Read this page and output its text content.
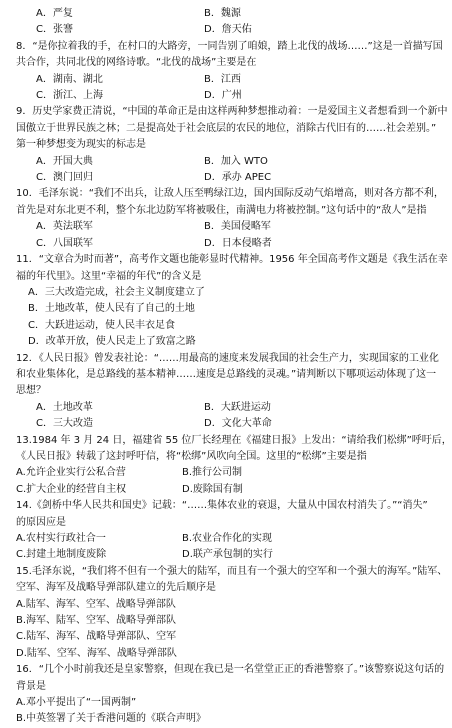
A．严复	B．魏源
C．张謇	D．詹天佑
8．“是你拉着我的手，在村口的大路旁，一同告别了咱娘，踏上北伐的战场……”这是一首描写国
共合作，共同北伐的网络诗歌。“北伐的战场”主要是在
A．湖南、湖北	B．江西
C．浙江、上海	D．广州
9．历史学家费正清说，“中国的革命正是由这样两种梦想推动着：一是爱国主义者想看到一个新中
国傲立于世界民族之林；二是提高处于社会底层的农民的地位，消除古代旧有的……社会差别。”
第一种梦想变为现实的标志是
A．开国大典	B．加入 WTO
C．澳门回归	D．承办 APEC
10．毛泽东说：“我们不出兵，让敌人压至鸭绿江边，国内国际反动气焰增高，则对各方都不利，
首先是对东北更不利，整个东北边防军将被吸住，南满电力将被控制。”这句话中的“敌人”是指
A．英法联军	B．美国侵略军
C．八国联军	D．日本侵略者
11．“文章合为时而著”，高考作文题也能彰显时代精神。1956 年全国高考作文题是《我生活在幸
福的年代里》。这里“幸福的年代”的含义是
A．三大改造完成，社会主义制度建立了
B．土地改革，使人民有了自己的土地
C．大跃进运动，使人民丰衣足食
D．改革开放，使人民走上了致富之路
12．《人民日报》曾发表社论：“……用最高的速度来发展我国的社会生产力，实现国家的工业化
和农业集体化，是总路线的基本精神……速度是总路线的灵魂。”请判断以下哪项运动体现了这一
思想？
A．土地改革	B．大跃进运动
C．三大改造	D．文化大革命
13.1984 年 3 月 24 日，福建省 55 位厂长经理在《福建日报》上发出：“请给我们松绑”呼吁后，
《人民日报》转载了这封呼吁信，将“松绑”风吹向全国。这里的“松绑”主要是指
A.允许企业实行公私合营	B.推行公司制
C.扩大企业的经营自主权	D.废除国有制
14.《剑桥中华人民共和国史》记载：“……集体农业的衰退，大量从中国农村消失了。”“消失”
的原因应是
A.农村实行政社合一	B.农业合作化的实现
C.封建土地制度废除	D.联产承包制的实行
15.毛泽东说，“我们将不但有一个强大的陆军，而且有一个强大的空军和一个强大的海军。”陆军、
空军、海军及战略导弹部队建立的先后顺序是
A.陆军、海军、空军、战略导弹部队
B.海军、陆军、空军、战略导弹部队
C.陆军、海军、战略导弹部队、空军
D.陆军、空军、海军、战略导弹部队
16．“几个小时前我还是皇家警察，但现在我已是一名堂堂正正的香港警察了。”该警察说这句话的
背景是
A.邓小平提出了“一国两制”
B.中英签署了关于香港问题的《联合声明》
